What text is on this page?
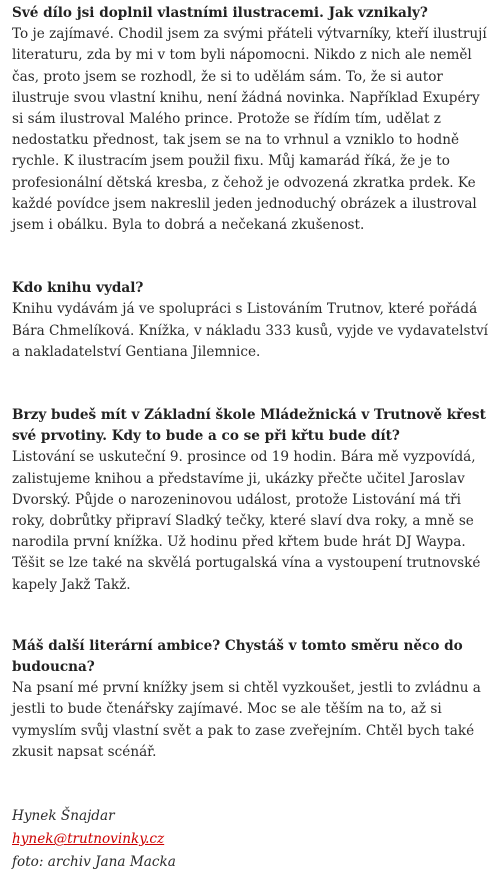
Své dílo jsi doplnil vlastními ilustracemi. Jak vznikaly?

To je zajímavé. Chodil jsem za svými přáteli výtvarníky, kteří ilustrují literaturu, zda by mi v tom byli nápomocni. Nikdo z nich ale neměl čas, proto jsem se rozhodl, že si to udělám sám. To, že si autor ilustruje svou vlastní knihu, není žádná novinka. Například Exupéry si sám ilustroval Malého prince. Protože se řídím tím, udělat z nedostatku přednost, tak jsem se na to vrhnul a vzniklo to hodně rychle. K ilustracím jsem použil fixu. Můj kamarád říká, že je to profesionální dětská kresba, z čehož je odvozená zkratka prdek. Ke každé povídce jsem nakreslil jeden jednoduchý obrázek a ilustroval jsem i obálku. Byla to dobrá a nečekaná zkušenost.

Kdo knihu vydal?

Knihu vydávám já ve spolupráci s Listováním Trutnov, které pořádá Bára Chmelíková. Knížka, v nákladu 333 kusů, vyjde ve vydavatelství a nakladatelství Gentiana Jilemnice.

Brzy budeš mít v Základní škole Mládežnická v Trutnově křest své prvotiny. Kdy to bude a co se při křtu bude dít?

Listování se uskuteční 9. prosince od 19 hodin. Bára mě vyzpovídá, zalistujeme knihou a představíme ji, ukázky přečte učitel Jaroslav Dvorský. Půjde o narozeninovou událost, protože Listování má tři roky, dobrůtky připraví Sladký tečky, které slaví dva roky, a mně se narodila první knížka. Už hodinu před křtem bude hrát DJ Waypa. Těšit se lze také na skvělá portugalská vína a vystoupení trutnovské kapely Jakž Takž.

Máš další literární ambice? Chystáš v tomto směru něco do budoucna?

Na psaní mé první knížky jsem si chtěl vyzkoušet, jestli to zvládnu a jestli to bude čtenářsky zajímavé. Moc se ale těším na to, až si vymyslím svůj vlastní svět a pak to zase zveřejním. Chtěl bych také zkusit napsat scénář.

Hynek Šnajdar

hynek@trutnovinky.cz

foto: archiv Jana Macka
